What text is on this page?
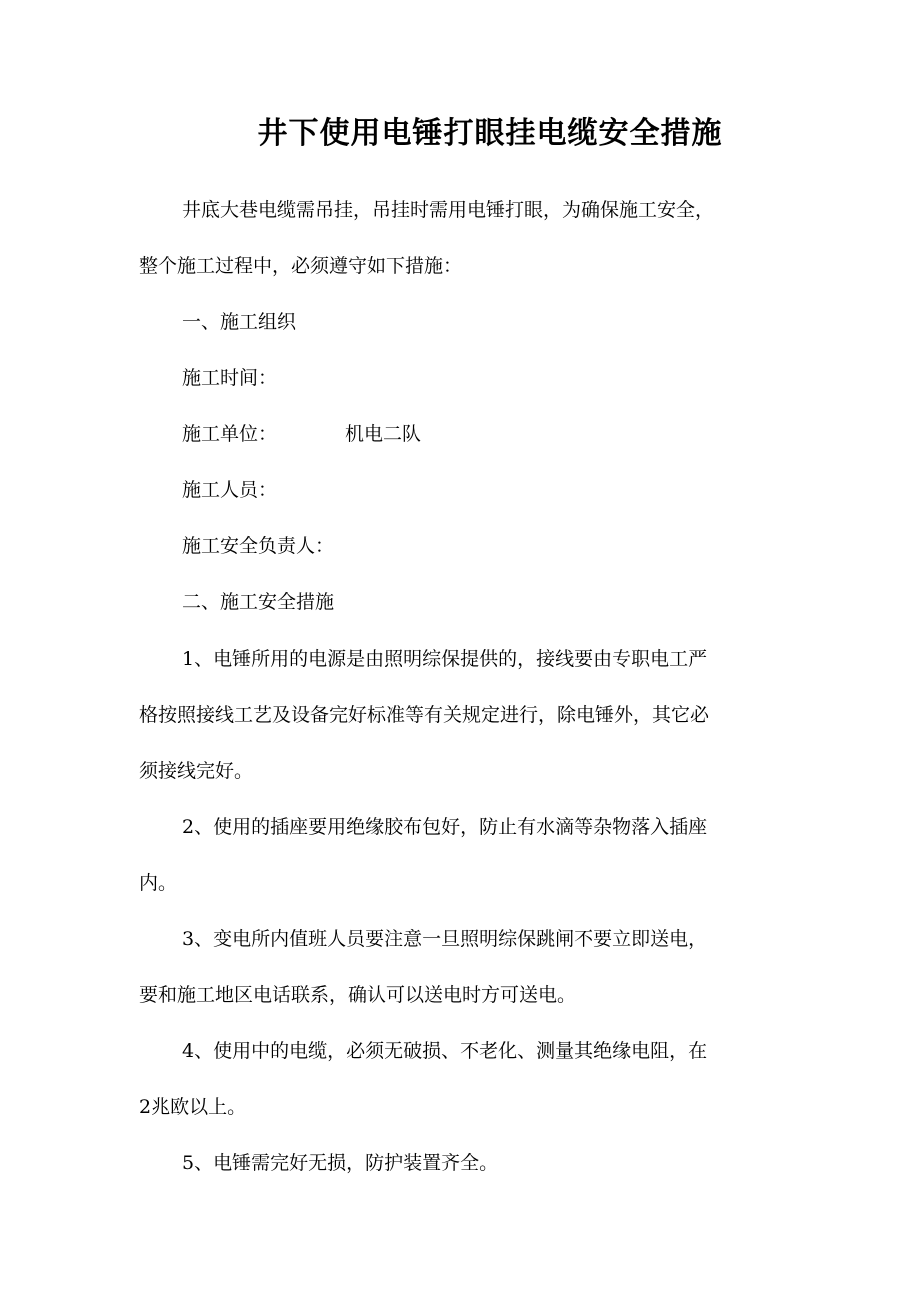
井下使用电锤打眼挂电缆安全措施
井底大巷电缆需吊挂，吊挂时需用电锤打眼，为确保施工安全，
整个施工过程中，必须遵守如下措施：
一、施工组织
施工时间：
施工单位：	机电二队
施工人员：
施工安全负责人：
二、施工安全措施
1、电锤所用的电源是由照明综保提供的，接线要由专职电工严
格按照接线工艺及设备完好标准等有关规定进行，除电锤外，其它必
须接线完好。
2、使用的插座要用绝缘胶布包好，防止有水滴等杂物落入插座
内。
3、变电所内值班人员要注意一旦照明综保跳闸不要立即送电，
要和施工地区电话联系，确认可以送电时方可送电。
4、使用中的电缆，必须无破损、不老化、测量其绝缘电阻，在
2兆欧以上。
5、电锤需完好无损，防护装置齐全。
